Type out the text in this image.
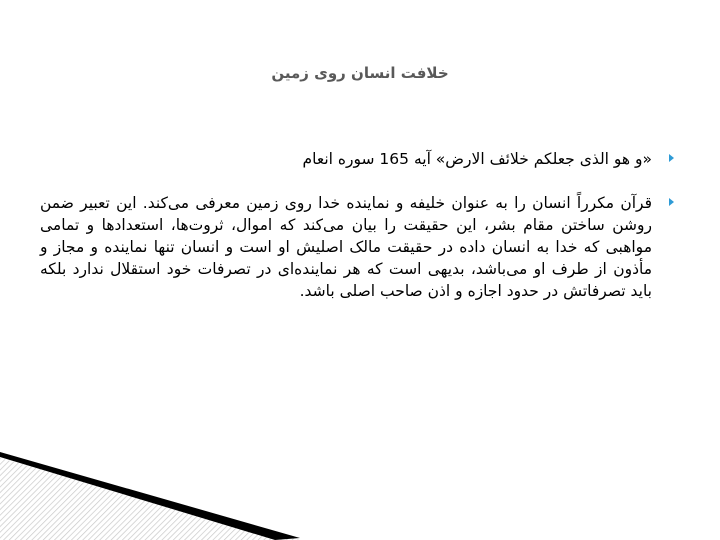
خلافت انسان روی زمین
«و هو الذی جعلکم خلائف الارض» آیه 165 سوره انعام
قرآن مکرراً انسان را به عنوان خلیفه و نماینده خدا روی زمین معرفی می‌کند. این تعبیر ضمن روشن ساختن مقام بشر، این حقیقت را بیان می‌کند که اموال، ثروت‌ها، استعدادها و تمامی مواهبی که خدا به انسان داده در حقیقت مالک اصلیش او است و انسان تنها نماینده و مجاز و مأذون از طرف او می‌باشد، بدیهی است که هر نماینده‌ای در تصرفات خود استقلال ندارد بلکه باید تصرفاتش در حدود اجازه و اذن صاحب اصلی باشد.
